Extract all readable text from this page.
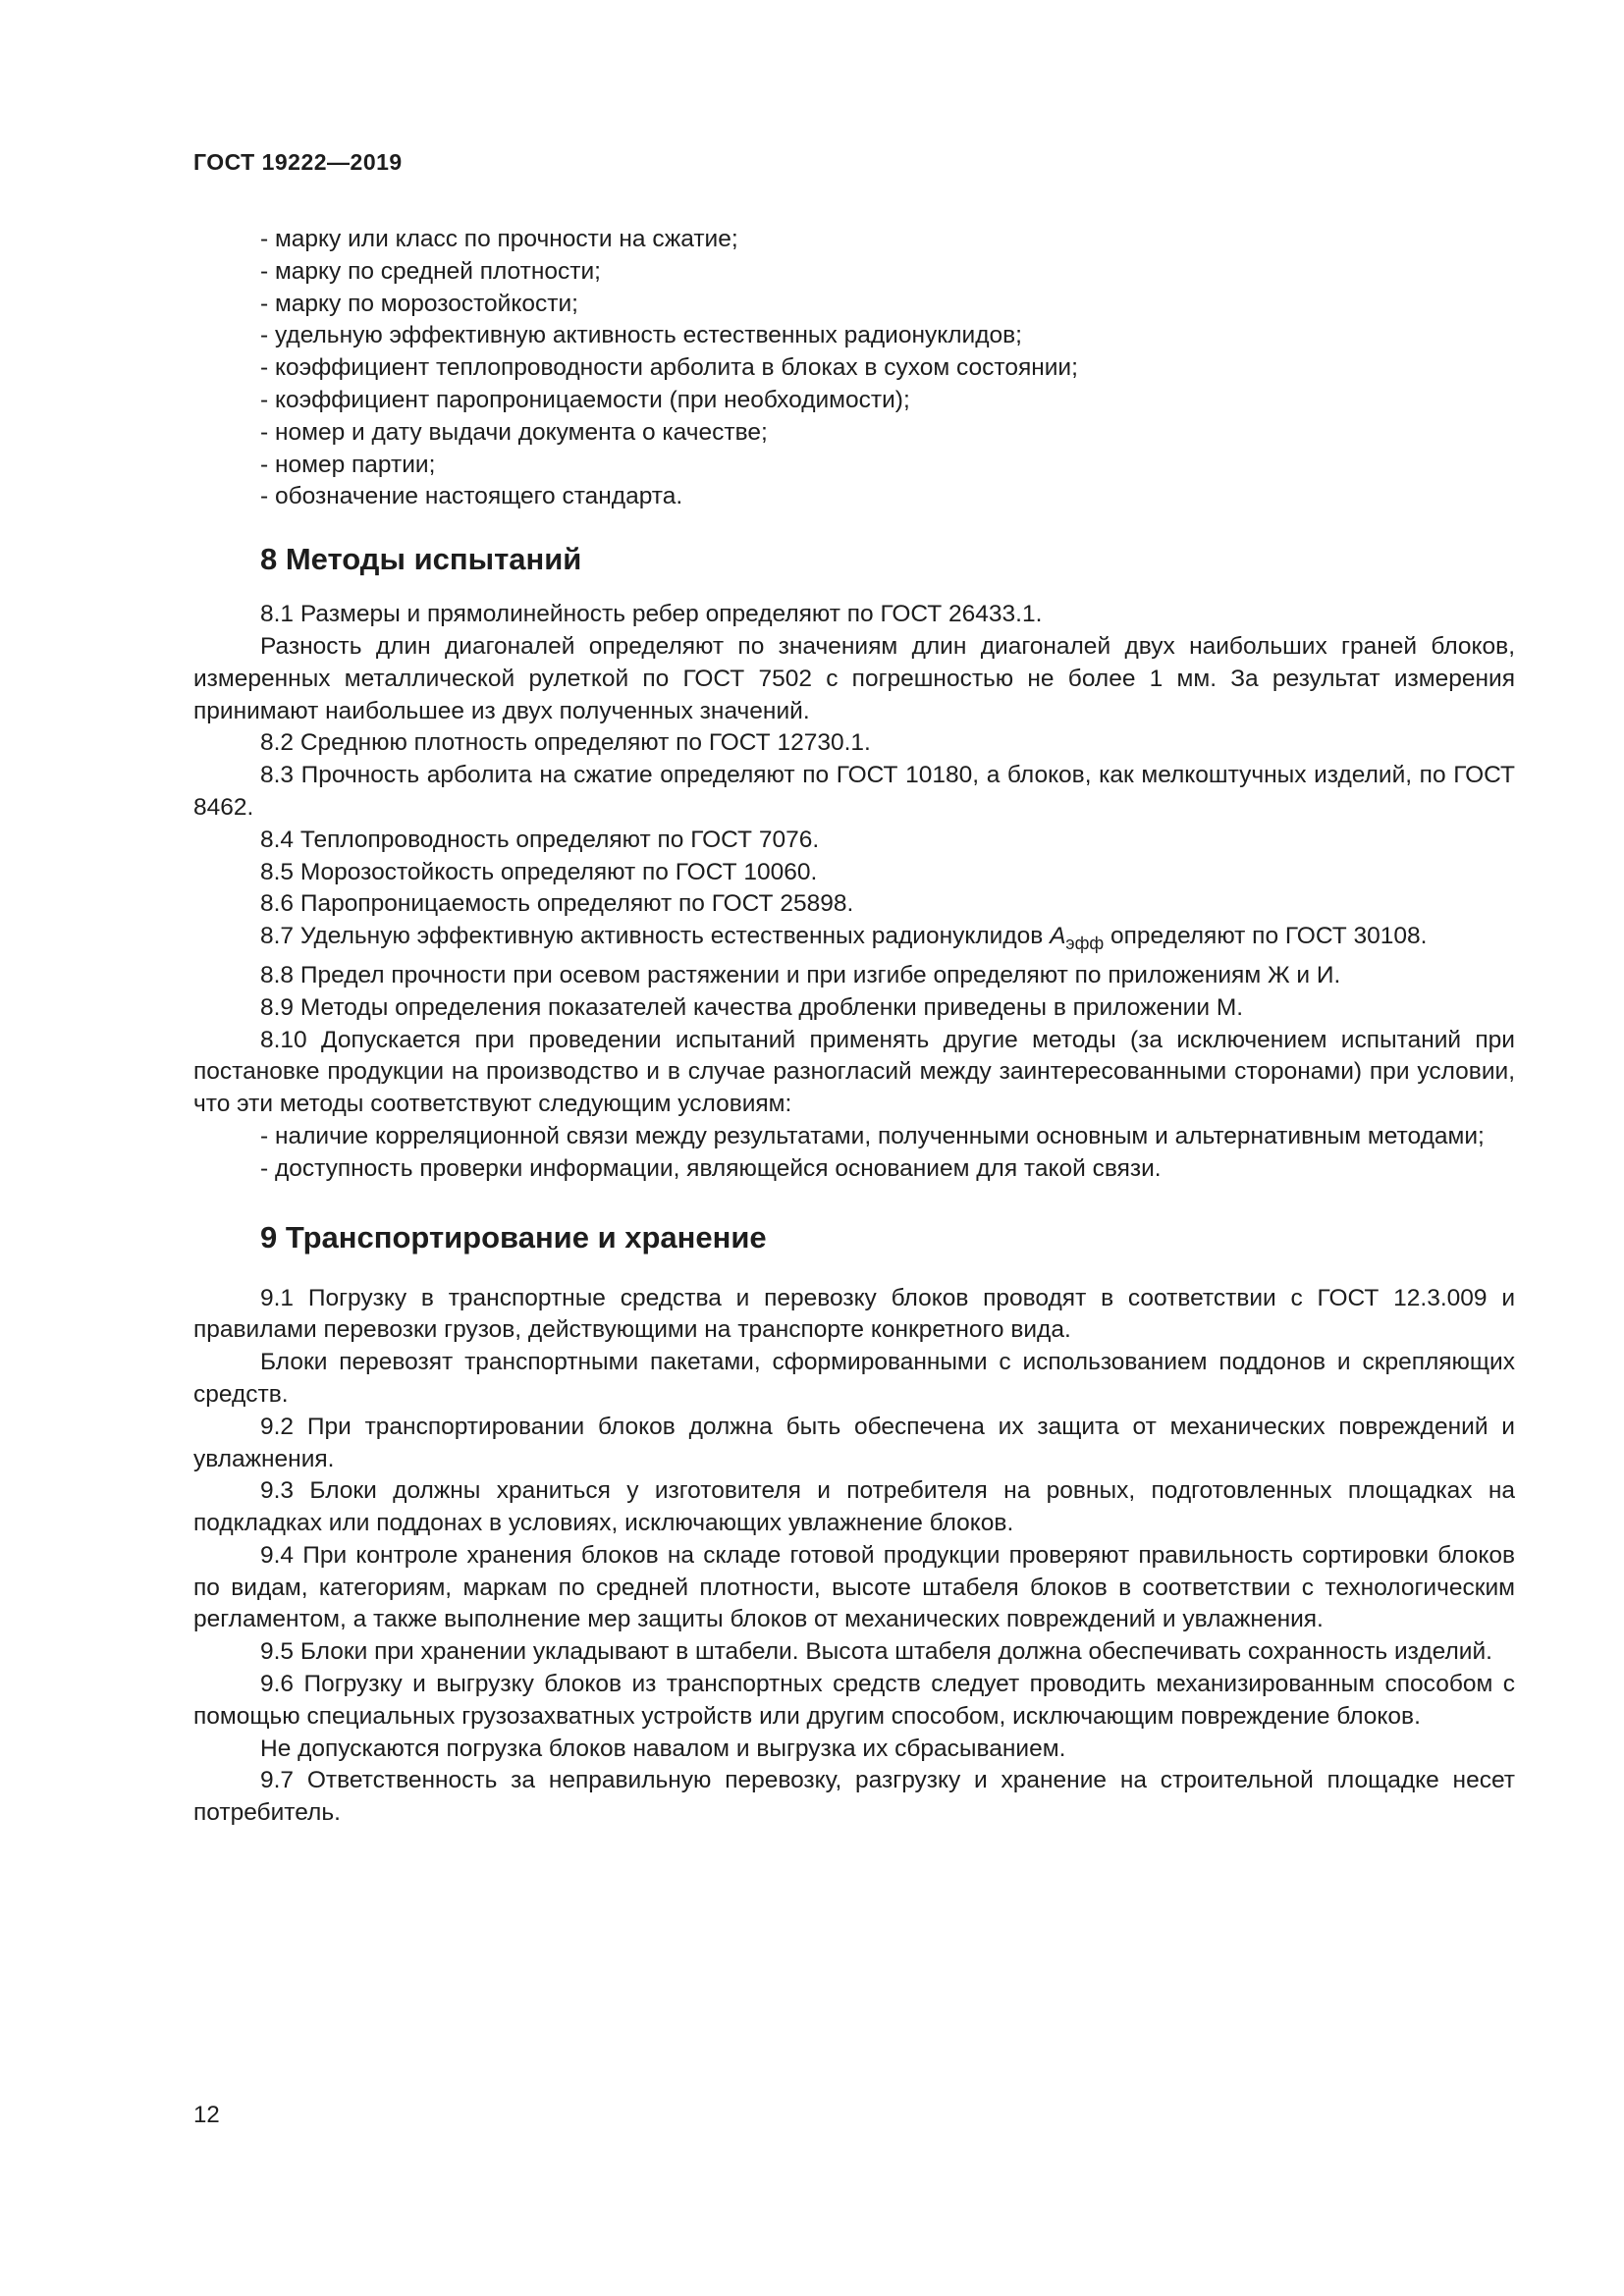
ГОСТ 19222—2019

- марку или класс по прочности на сжатие;

- марку по средней плотности;

- марку по морозостойкости;

- удельную эффективную активность естественных радионуклидов;

- коэффициент теплопроводности арболита в блоках в сухом состоянии;

- коэффициент паропроницаемости (при необходимости);

- номер и дату выдачи документа о качестве;

- номер партии;

- обозначение настоящего стандарта.

8 Методы испытаний

8.1 Размеры и прямолинейность ребер определяют по ГОСТ 26433.1.

Разность длин диагоналей определяют по значениям длин диагоналей двух наибольших граней блоков, измеренных металлической рулеткой по ГОСТ 7502 с погрешностью не более 1 мм. За результат измерения принимают наибольшее из двух полученных значений.

8.2 Среднюю плотность определяют по ГОСТ 12730.1.

8.3 Прочность арболита на сжатие определяют по ГОСТ 10180, а блоков, как мелкоштучных изделий, по ГОСТ 8462.

8.4 Теплопроводность определяют по ГОСТ 7076.

8.5 Морозостойкость определяют по ГОСТ 10060.

8.6 Паропроницаемость определяют по ГОСТ 25898.

8.7 Удельную эффективную активность естественных радионуклидов $A_{эфф}$ определяют по ГОСТ 30108.

8.8 Предел прочности при осевом растяжении и при изгибе определяют по приложениям Ж и И.

8.9 Методы определения показателей качества дробленки приведены в приложении М.

8.10 Допускается при проведении испытаний применять другие методы (за исключением испытаний при постановке продукции на производство и в случае разногласий между заинтересованными сторонами) при условии, что эти методы соответствуют следующим условиям:

- наличие корреляционной связи между результатами, полученными основным и альтернативным методами;

- доступность проверки информации, являющейся основанием для такой связи.

9 Транспортирование и хранение

9.1 Погрузку в транспортные средства и перевозку блоков проводят в соответствии с ГОСТ 12.3.009 и правилами перевозки грузов, действующими на транспорте конкретного вида.

Блоки перевозят транспортными пакетами, сформированными с использованием поддонов и скрепляющих средств.

9.2 При транспортировании блоков должна быть обеспечена их защита от механических повреждений и увлажнения.

9.3 Блоки должны храниться у изготовителя и потребителя на ровных, подготовленных площадках на подкладках или поддонах в условиях, исключающих увлажнение блоков.

9.4 При контроле хранения блоков на складе готовой продукции проверяют правильность сортировки блоков по видам, категориям, маркам по средней плотности, высоте штабеля блоков в соответствии с технологическим регламентом, а также выполнение мер защиты блоков от механических повреждений и увлажнения.

9.5 Блоки при хранении укладывают в штабели. Высота штабеля должна обеспечивать сохранность изделий.

9.6 Погрузку и выгрузку блоков из транспортных средств следует проводить механизированным способом с помощью специальных грузозахватных устройств или другим способом, исключающим повреждение блоков.

Не допускаются погрузка блоков навалом и выгрузка их сбрасыванием.

9.7 Ответственность за неправильную перевозку, разгрузку и хранение на строительной площадке несет потребитель.

12
